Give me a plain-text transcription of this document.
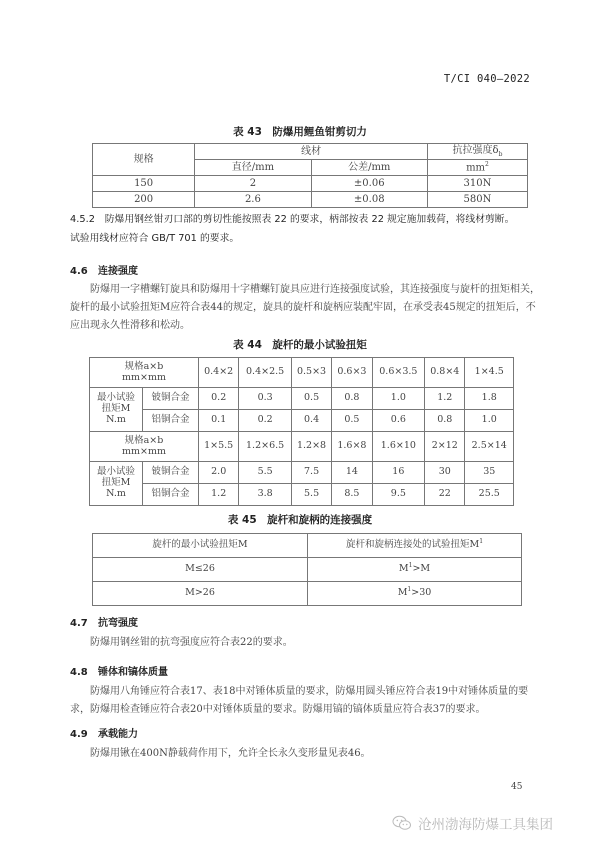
T/CI 040—2022
表 43　防爆用鲤鱼钳剪切力
规格	线材		抗拉强度$\delta_b$
	直径/mm	公差/mm	$mm^2$
150	2	±0.06	310N
200	2.6	±0.08	580N
4.5.2　防爆用钢丝钳刃口部的剪切性能按照表 22 的要求，柄部按表 22 规定施加载荷，将线材剪断。
试验用线材应符合 GB/T 701 的要求。
4.6 连接强度
防爆用一字槽螺钉旋具和防爆用十字槽螺钉旋具应进行连接强度试验，其连接强度与旋杆的扭矩相关，旋杆的最小试验扭矩M应符合表44的规定，旋具的旋杆和旋柄应装配牢固，在承受表45规定的扭矩后，不应出现永久性滑移和松动。
表 44　旋杆的最小试验扭矩
规格a×b
mm×mm		0.4×2	0.4×2.5	0.5×3	0.6×3	0.6×3.5	0.8×4	1×4.5

最小试验
扭矩M
N.m	铍铜合金	0.2	0.3	0.5	0.8	1.0	1.2	1.8
	铝铜合金	0.1	0.2	0.4	0.5	0.6	0.8	1.0

规格a×b
mm×mm		1×5.5	1.2×6.5	1.2×8	1.6×8	1.6×10	2×12	2.5×14

最小试验
扭矩M
N.m	铍铜合金	2.0	5.5	7.5	14	16	30	35
	铝铜合金	1.2	3.8	5.5	8.5	9.5	22	25.5
表 45　旋杆和旋柄的连接强度
旋杆的最小试验扭矩M	旋杆和旋柄连接处的试验扭矩$M^1$
M≤26	$M^1>M$
M>26	$M^1>30$
4.7 抗弯强度
防爆用钢丝钳的抗弯强度应符合表22的要求。
4.8 锤体和镐体质量
防爆用八角锤应符合表17、表18中对锤体质量的要求，防爆用圆头锤应符合表19中对锤体质量的要求，防爆用检查锤应符合表20中对锤体质量的要求。防爆用镐的镐体质量应符合表37的要求。
4.9 承载能力
防爆用锹在400N静载荷作用下，允许全长永久变形量见表46。
45
沧州渤海防爆工具集团
